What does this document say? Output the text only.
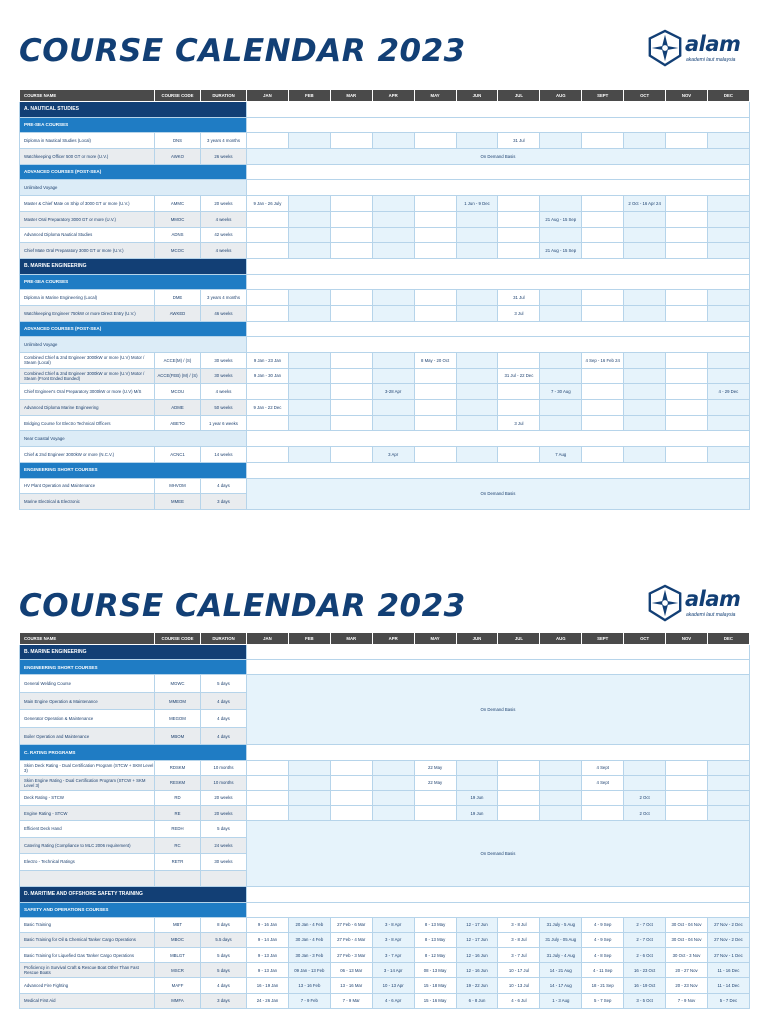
COURSE CALENDAR 2023	alam
akademi laut malaysia
COURSE NAME	COURSE CODE	DURATION	JAN	FEB	MAR	APR	MAY	JUN	JUL	AUG	SEPT	OCT	NOV	DEC
A. NAUTICAL STUDIES														
PRE-SEA COURSES														
Diploma in Nautical Studies (Local)	DNS	3 years 4 months							31 Jul					
Watchkeeping Officer 500 GT or more (U.V.)	AWKO	26 weeks	On Demand Basis											
ADVANCED COURSES (POST-SEA)														
Unlimited Voyage														
Master & Chief Mate on Ship of 3000 GT or more (U.V.)	AMMC	20 weeks	9 Jan - 26 July					1 Jun - 9 Dec				2 Oct - 16 Apr 24		
Master Oral Preparatory 3000 GT or more (U.V.)	MMOC	4 weeks								21 Aug - 15 Sep				
Advanced Diploma Nautical Studies	ADNS	42 weeks												
Chief Mate Oral Preparatory 3000 GT or more (U.V.)	MCOC	4 weeks								21 Aug - 15 Sep				
B. MARINE ENGINEERING														
PRE-SEA COURSES														
Diploma in Marine Engineering (Local)	DME	3 years 4 months							31 Jul					
Watchkeeping Engineer 750kW or more Direct Entry (U.V.)	AWKED	46 weeks							3 Jul					
ADVANCED COURSES (POST-SEA)														
Unlimited Voyage														
Combined Chief & 2nd Engineer 3000kW or more (U.V) Motor / Steam (Local)	ACCE(M) / (S)	30 weeks	9 Jan - 23 Jan				8 May - 20 Oct				4 Sep - 16 Feb 24			
Combined Chief & 2nd Engineer 3000kW or more (U.V) Motor / Steam (Front Ended Bonded)	ACCE(FEB) (M) / (S)	30 weeks	9 Jan - 30 Jan						31 Jul - 22 Dec					
Chief Engineer's Oral Preparatory 3000kW or more (U.V) M/S	MCOU	4 weeks				3-28 Apr				7 - 30 Aug				4 - 29 Dec
Advanced Diploma Marine Engineering	ADME	50 weeks	9 Jan - 22 Dec											
Bridging Course for Electro Technical Officers	ABETO	1 year 6 weeks							3 Jul					
Near Coastal Voyage														
Chief & 2nd Engineer 3000kW or more (N.C.V.)	ACNC1	14 weeks				3 Apr				7 Aug				
ENGINEERING SHORT COURSES														
HV Plant Operation and Maintenance	MHVOM	4 days	On Demand Basis											
Marine Electrical & Electronic	MMEE	3 days												
COURSE CALENDAR 2023	alam
akademi laut malaysia
COURSE NAME	COURSE CODE	DURATION	JAN	FEB	MAR	APR	MAY	JUN	JUL	AUG	SEPT	OCT	NOV	DEC
B. MARINE ENGINEERING														
ENGINEERING SHORT COURSES														
General Welding Course	MGWC	5 days	On Demand Basis											
Main Engine Operation & Maintenance	MMEOM	4 days												
Generator Operation & Maintenance	MEGOM	4 days												
Boiler Operation and Maintenance	MBOM	4 days												
C. RATING PROGRAMS														
Skim Deck Rating - Dual Certification Program (STCW + SKM Level 3)	RDSKM	10 months					22 May				4 Sept			
Skim Engine Rating - Dual Certification Program (STCW + SKM Level 3)	RESKM	10 months					22 May				4 Sept			
Deck Rating - STCW	RD	20 weeks						19 Jun				2 Oct		
Engine Rating - STCW	RE	20 weeks						19 Jun				2 Oct		
Efficient Deck Hand	REDH	5 days	On Demand Basis											
Catering Rating (Compliance to MLC 2006 requirement)	RC	24 weeks												
Electro - Technical Ratings	RETR	30 weeks												

D. MARITIME AND OFFSHORE SAFETY TRAINING														
SAFETY AND OPERATIONS COURSES														
Basic Training	MBT	8 days	9 - 16 Jan	20 Jan - 4 Feb	27 Feb - 6 Mar	3 - 8 Apr	8 - 13 May	12 - 17 Jun	3 - 8 Jul	31 July - 5 Aug	4 - 9 Sep	2 - 7 Oct	30 Oct - 04 Nov	27 Nov - 2 Dec
Basic Training for Oil & Chemical Tanker Cargo Operations	MBOC	5.5 days	9 - 14 Jan	30 Jan - 4 Feb	27 Feb - 4 Mar	3 - 8 Apr	8 - 13 May	12 - 17 Jun	3 - 8 Jul	31 July - 05 Aug	4 - 9 Sep	2 - 7 Oct	30 Oct - 04 Nov	27 Nov - 2 Dec
Basic Training for Liquefied Gas Tanker Cargo Operations	MBLGT	5 days	9 - 13 Jan	30 Jan - 3 Feb	27 Feb - 3 Mar	3 - 7 Apr	8 - 12 May	12 - 16 Jun	3 - 7 Jul	31 July - 4 Aug	4 - 8 Sep	2 - 6 Oct	30 Oct - 3 Nov	27 Nov - 1 Dec
Proficiency in Survival Craft & Rescue Boat Other Than Fast Rescue Boats	MSCR	5 days	9 - 13 Jan	09 Jan - 13 Feb	06 - 13 Mar	3 - 14 Apr	08 - 13 May	12 - 16 Jun	10 - 17 Jul	14 - 21 Aug	4 - 11 Sep	16 - 23 Oct	20 - 27 Nov	11 - 16 Dec
Advanced Fire Fighting	MAFF	4 days	16 - 19 Jan	13 - 16 Feb	13 - 16 Mar	10 - 13 Apr	15 - 18 May	19 - 22 Jun	10 - 13 Jul	14 - 17 Aug	18 - 21 Sep	16 - 19 Oct	20 - 23 Nov	11 - 14 Dec
Medical First Aid	MMFA	3 days	24 - 26 Jan	7 - 9 Feb	7 - 9 Mar	4 - 6 Apr	15 - 16 May	6 - 8 Jun	4 - 6 Jul	1 - 3 Aug	5 - 7 Sep	3 - 5 Oct	7 - 9 Nov	5 - 7 Dec
